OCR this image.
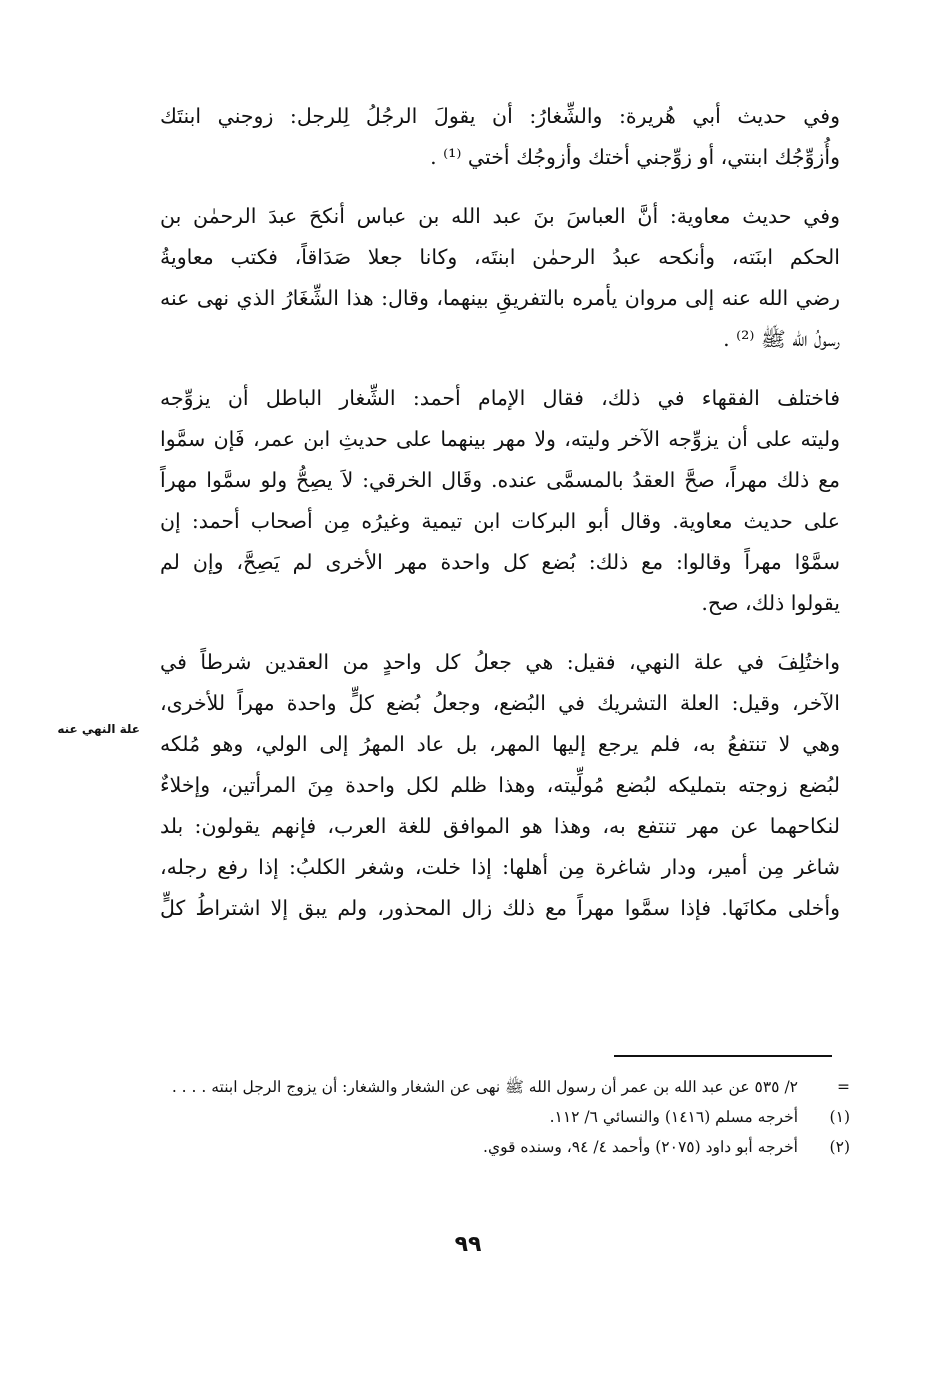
وفي حديث أبي هُريرة: والشِّغارُ: أن يقولَ الرجُلُ لِلرجل: زوجني ابنتَك
وأُزوِّجُك ابنتي، أو زوِّجني أختك وأزوجُك أختي ⁽¹⁾ .

وفي حديث معاوية: أنَّ العباسَ بنَ عبد الله بن عباس أنكحَ عبدَ الرحمٰن بن
الحكم ابنَته، وأنكحه عبدُ الرحمٰن ابنتَه، وكانا جعلا صَدَاقاً، فكتب معاويةُ
رضي الله عنه إلى مروان يأمره بالتفريقِ بينهما، وقال: هذا الشِّغَارُ الذي نهى عنه
رسولُ الله ﷺ ⁽²⁾ .

فاختلف الفقهاء في ذلك، فقال الإمام أحمد: الشِّغار الباطل أن يزوِّجه
وليته على أن يزوِّجه الآخر وليته، ولا مهر بينهما على حديثِ ابن عمر، فَإن سمَّوا
مع ذلك مهراً، صحَّ العقدُ بالمسمَّى عنده. وقَال الخرقي: لاَ يصِحُّ ولو سمَّوا مهراً
على حديث معاوية. وقال أبو البركات ابن تيمية وغيرُه مِن أصحاب أحمد: إن
سمَّوْا مهراً وقالوا: مع ذلك: بُضع كل واحدة مهر الأخرى لم يَصِحَّ، وإن لم
يقولوا ذلك، صح.

واختُلِفَ في علة النهي، فقيل: هي جعلُ كل واحدٍ من العقدين شرطاً في
الآخر، وقيل: العلة التشريك في البُضع، وجعلُ بُضع كلٍّ واحدة مهراً للأخرى،
وهي لا تنتفعُ به، فلم يرجع إليها المهر، بل عاد المهرُ إلى الولي، وهو مُلكه
لبُضع زوجته بتمليكه لبُضع مُولِّيته، وهذا ظلم لكل واحدة مِنَ المرأتين، وإخلاءٌ
لنكاحهما عن مهر تنتفع به، وهذا هو الموافق للغة العرب، فإنهم يقولون: بلد
شاغر مِن أمير، ودار شاغرة مِن أهلها: إذا خلت، وشغر الكلبُ: إذا رفع رجله،
وأخلى مكانَها. فإذا سمَّوا مهراً مع ذلك زال المحذور، ولم يبق إلا اشتراطُ كلٍّ

علة النهي عنه
=
٢/ ٥٣٥ عن عبد الله بن عمر أن رسول الله ﷺ نهى عن الشغار والشغار: أن يزوج الرجل ابنته . . . .
(١)
أخرجه مسلم (١٤١٦) والنسائي ٦/ ١١٢.
(٢)
أخرجه أبو داود (٢٠٧٥) وأحمد ٤/ ٩٤، وسنده قوي.
٩٩
